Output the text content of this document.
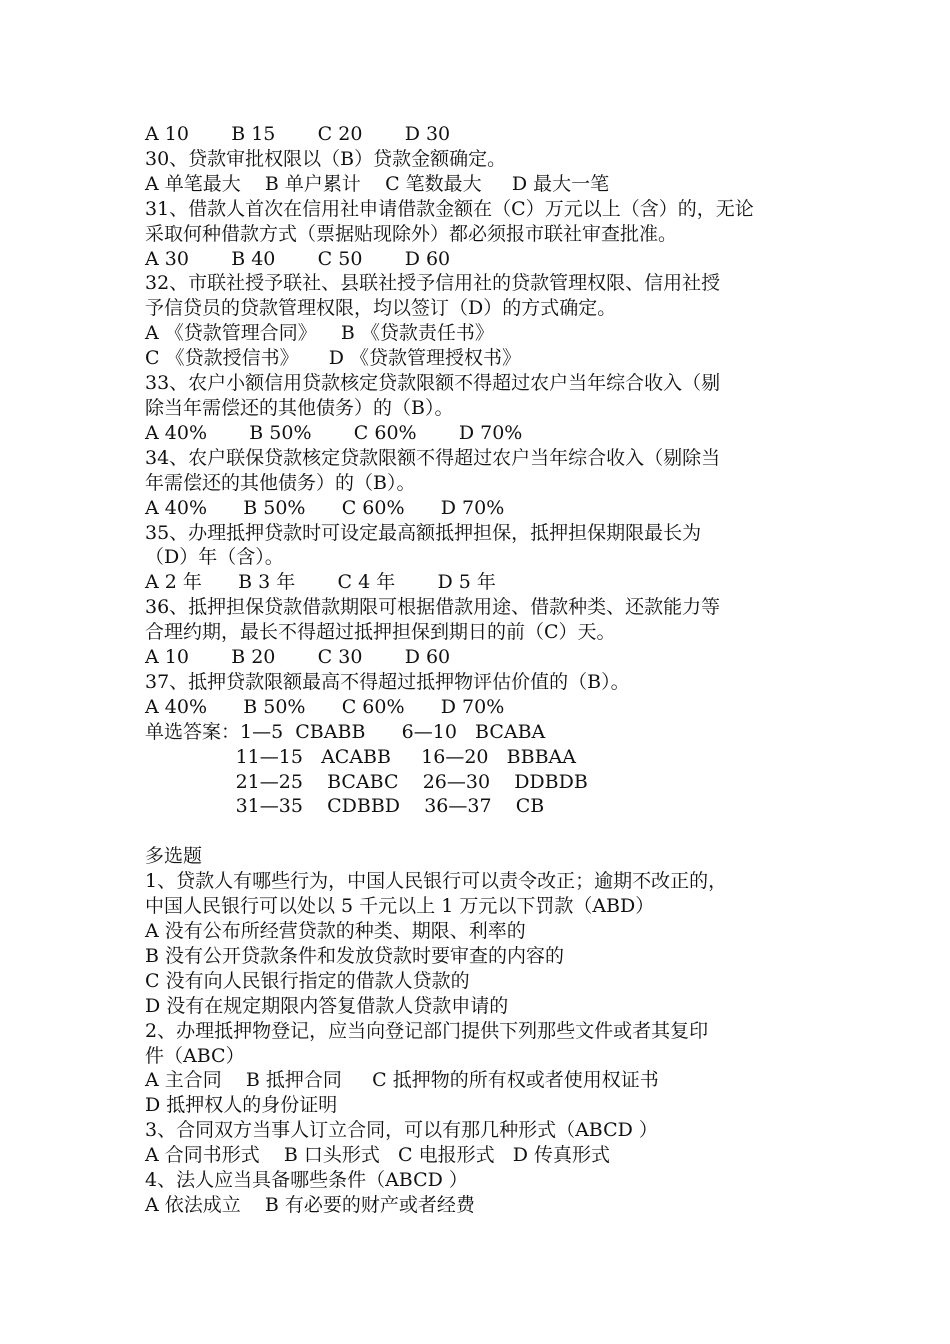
A 10       B 15       C 20       D 30

30、贷款审批权限以（B）贷款金额确定。

A 单笔最大    B 单户累计    C 笔数最大     D 最大一笔

31、借款人首次在信用社申请借款金额在（C）万元以上（含）的，无论

采取何种借款方式（票据贴现除外）都必须报市联社审查批准。

A 30       B 40       C 50       D 60

32、市联社授予联社、县联社授予信用社的贷款管理权限、信用社授

予信贷员的贷款管理权限，均以签订（D）的方式确定。

A 《贷款管理合同》    B 《贷款责任书》

C 《贷款授信书》     D 《贷款管理授权书》

33、农户小额信用贷款核定贷款限额不得超过农户当年综合收入（剔

除当年需偿还的其他债务）的（B）。

A 40%       B 50%       C 60%       D 70%

34、农户联保贷款核定贷款限额不得超过农户当年综合收入（剔除当

年需偿还的其他债务）的（B）。

A 40%      B 50%      C 60%      D 70%

35、办理抵押贷款时可设定最高额抵押担保，抵押担保期限最长为

（D）年（含）。

A 2 年      B 3 年       C 4 年       D 5 年

36、抵押担保贷款借款期限可根据借款用途、借款种类、还款能力等

合理约期，最长不得超过抵押担保到期日的前（C）天。

A 10       B 20       C 30       D 60

37、抵押贷款限额最高不得超过抵押物评估价值的（B）。

A 40%      B 50%      C 60%      D 70%

单选答案：1—5  CBABB      6—10   BCABA

11—15   ACABB     16—20   BBBAA

21—25    BCABC    26—30    DDBDB

31—35    CDBBD    36—37    CB

多选题

1、贷款人有哪些行为，中国人民银行可以责令改正；逾期不改正的，

中国人民银行可以处以 5 千元以上 1 万元以下罚款（ABD）

A 没有公布所经营贷款的种类、期限、利率的

B 没有公开贷款条件和发放贷款时要审查的内容的

C 没有向人民银行指定的借款人贷款的

D 没有在规定期限内答复借款人贷款申请的

2、办理抵押物登记，应当向登记部门提供下列那些文件或者其复印

件（ABC）

A 主合同    B 抵押合同     C 抵押物的所有权或者使用权证书

D 抵押权人的身份证明

3、合同双方当事人订立合同，可以有那几种形式（ABCD ）

A 合同书形式    B 口头形式   C 电报形式   D 传真形式

4、法人应当具备哪些条件（ABCD ）

A 依法成立    B 有必要的财产或者经费
